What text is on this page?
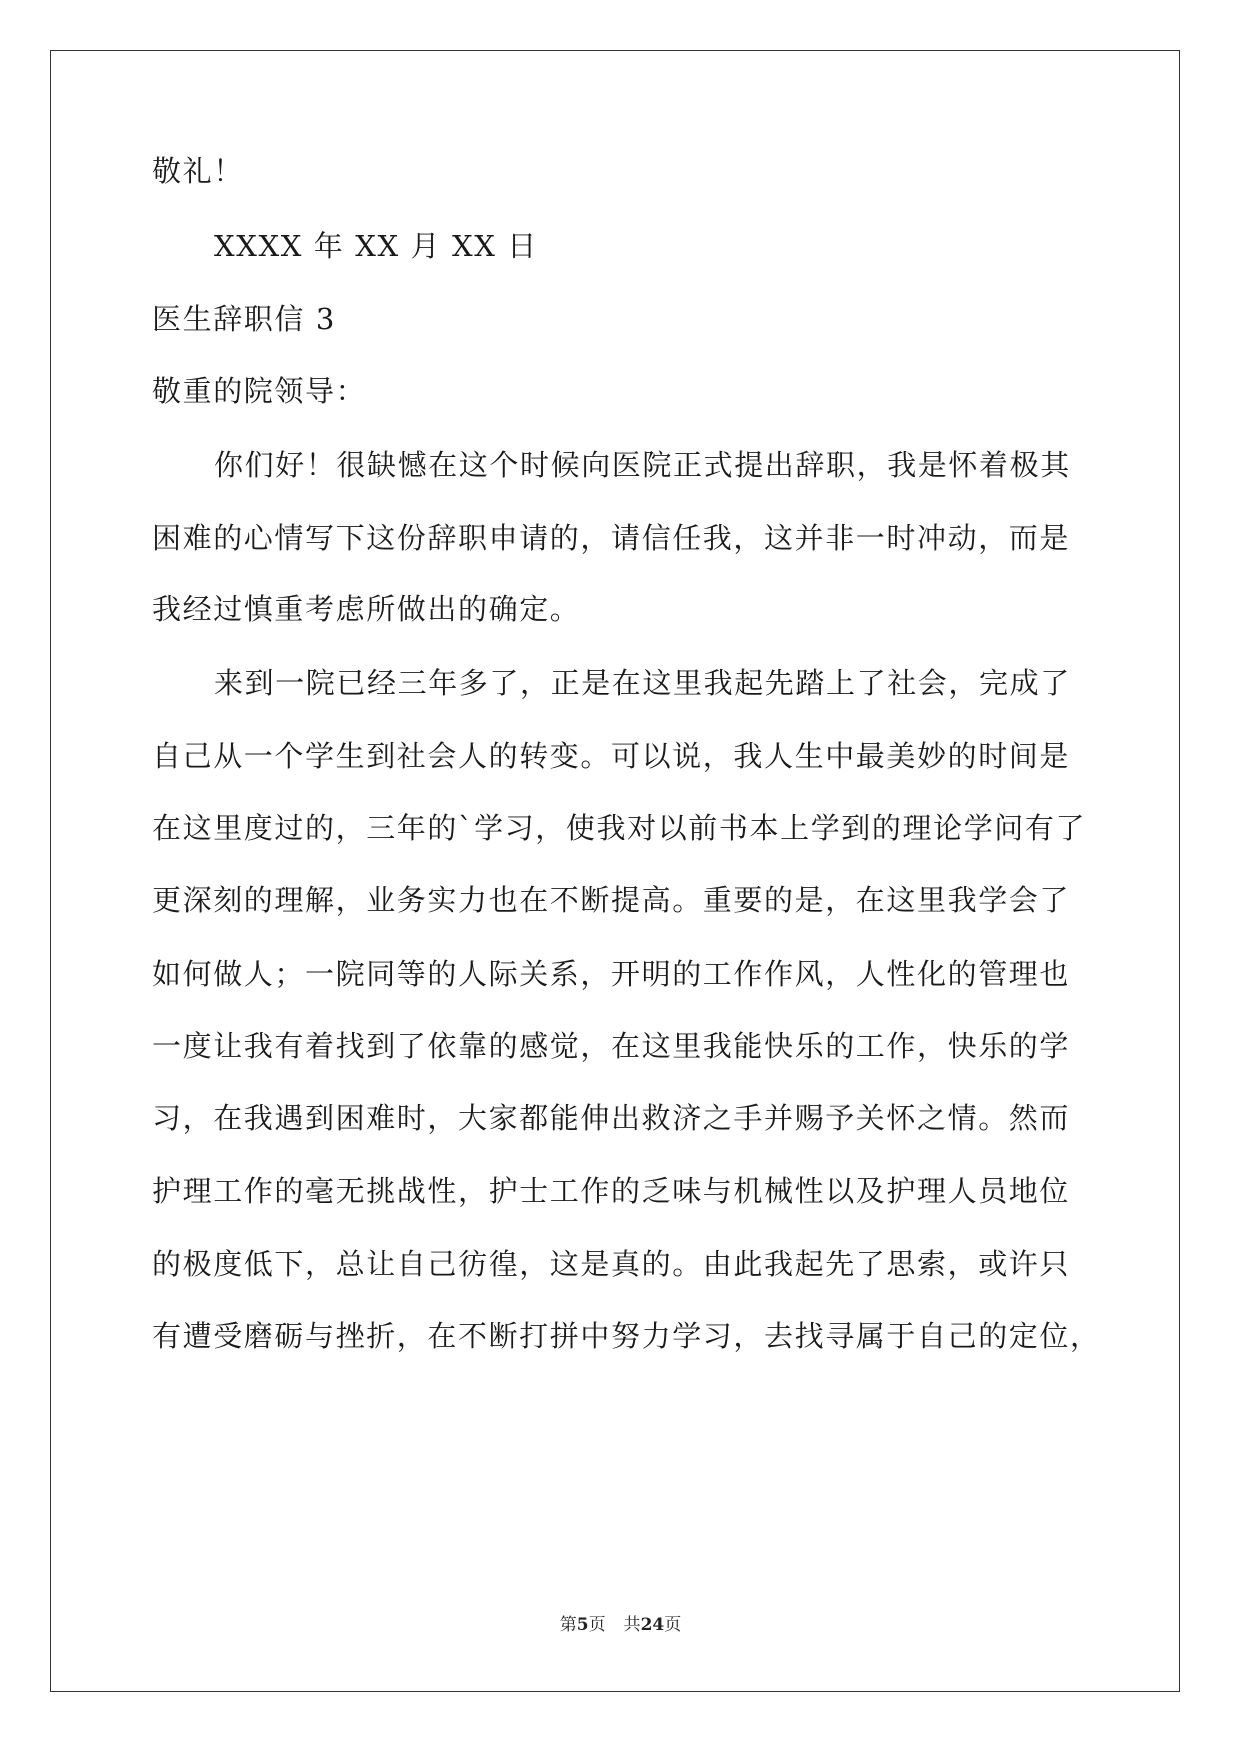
敬礼！
XXXX 年 XX 月 XX 日
医生辞职信 3
敬重的院领导：
你们好！很缺憾在这个时候向医院正式提出辞职，我是怀着极其
困难的心情写下这份辞职申请的，请信任我，这并非一时冲动，而是
我经过慎重考虑所做出的确定。
来到一院已经三年多了，正是在这里我起先踏上了社会，完成了
自己从一个学生到社会人的转变。可以说，我人生中最美妙的时间是
在这里度过的，三年的`学习，使我对以前书本上学到的理论学问有了
更深刻的理解，业务实力也在不断提高。重要的是，在这里我学会了
如何做人；一院同等的人际关系，开明的工作作风，人性化的管理也
一度让我有着找到了依靠的感觉，在这里我能快乐的工作，快乐的学
习，在我遇到困难时，大家都能伸出救济之手并赐予关怀之情。然而
护理工作的毫无挑战性，护士工作的乏味与机械性以及护理人员地位
的极度低下，总让自己彷徨，这是真的。由此我起先了思索，或许只
有遭受磨砺与挫折，在不断打拼中努力学习，去找寻属于自己的定位，
第5页 共24页
